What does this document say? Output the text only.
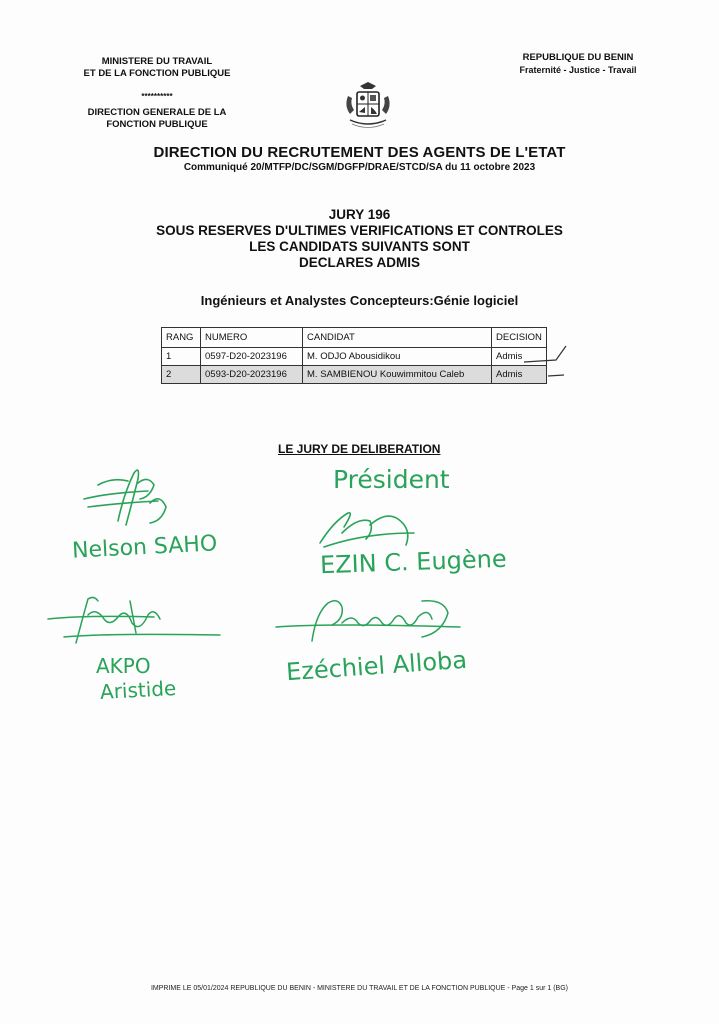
MINISTERE DU TRAVAIL
ET DE LA FONCTION PUBLIQUE
**********
DIRECTION GENERALE DE LA
FONCTION PUBLIQUE
REPUBLIQUE DU BENIN
Fraternité - Justice - Travail
DIRECTION DU RECRUTEMENT DES AGENTS DE L'ETAT
Communiqué 20/MTFP/DC/SGM/DGFP/DRAE/STCD/SA du 11 octobre 2023
JURY 196
SOUS RESERVES D'ULTIMES VERIFICATIONS ET CONTROLES
LES CANDIDATS SUIVANTS SONT
DECLARES ADMIS
Ingénieurs et Analystes Concepteurs:Génie logiciel
RANG	NUMERO	CANDIDAT	DECISION
1	0597-D20-2023196	M. ODJO Abousidikou	Admis
2	0593-D20-2023196	M. SAMBIENOU Kouwimmitou Caleb	Admis
LE JURY DE DELIBERATION
Nelson SAHO
Président
EZIN C. Eugène
AKPO
Aristide
Ezéchiel Alloba
IMPRIME LE 05/01/2024 REPUBLIQUE DU BENIN - MINISTERE DU TRAVAIL ET DE LA FONCTION PUBLIQUE - Page 1 sur 1 (BG)
